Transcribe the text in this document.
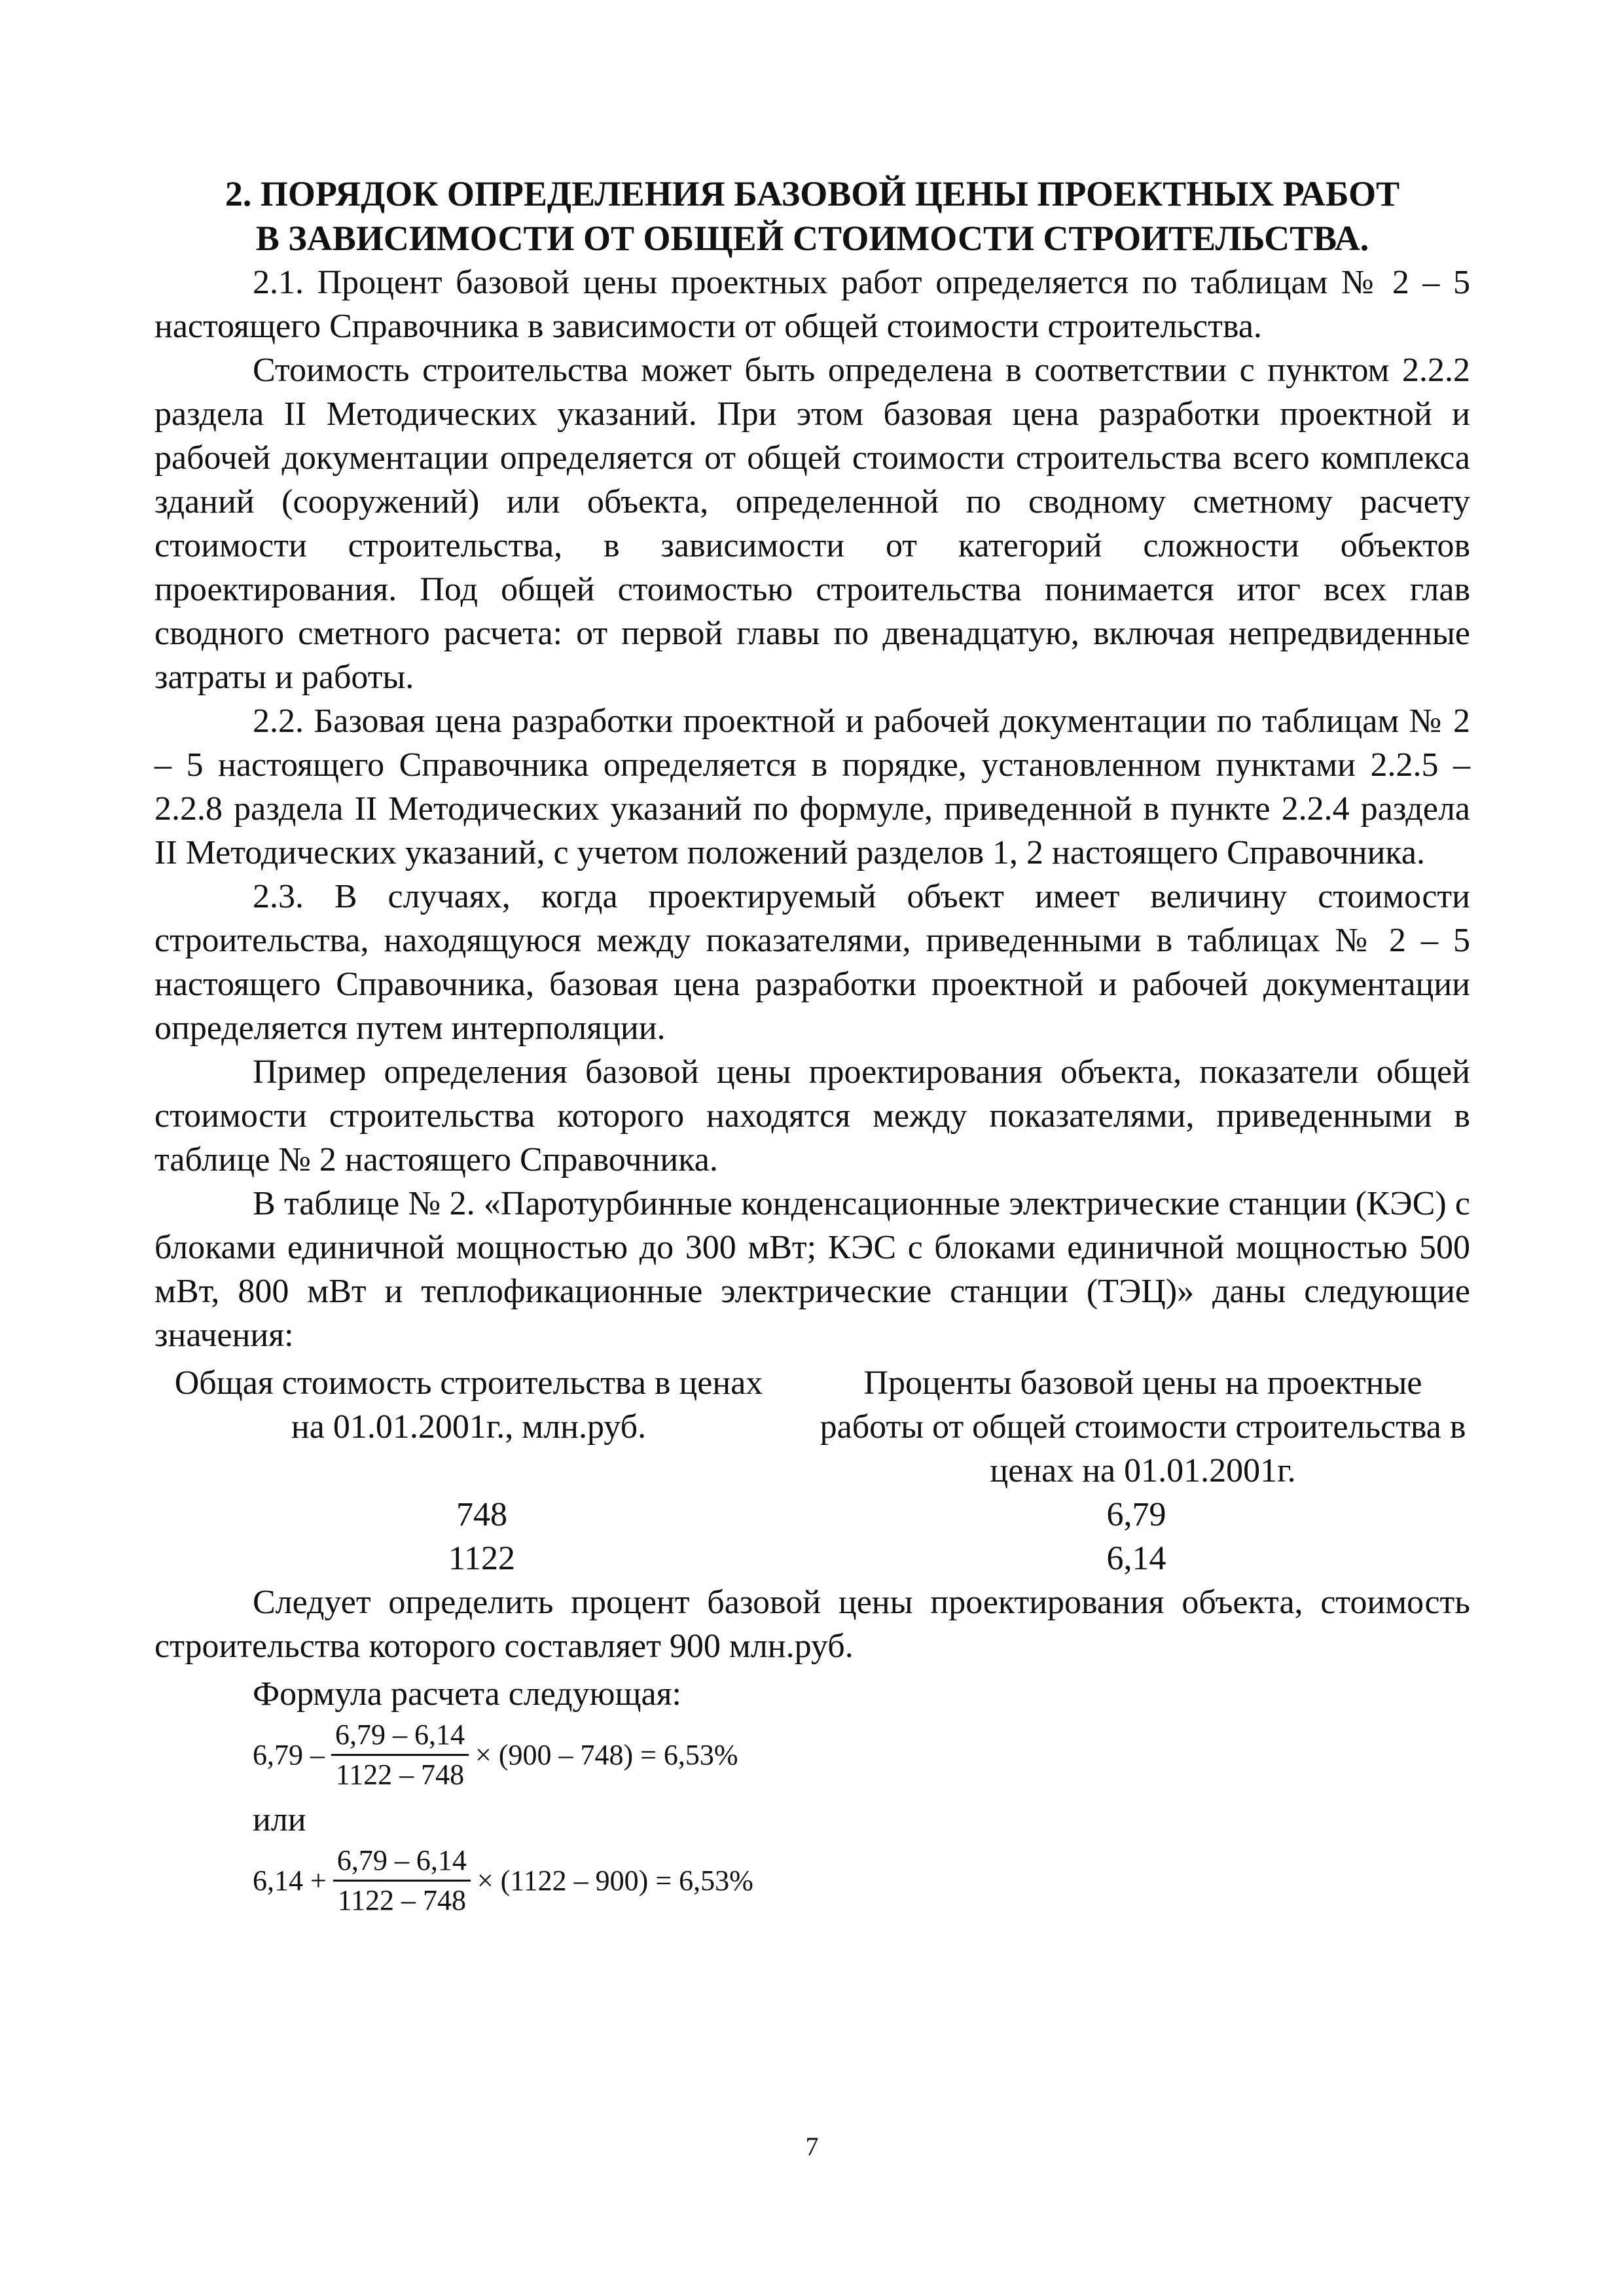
2. ПОРЯДОК ОПРЕДЕЛЕНИЯ БАЗОВОЙ ЦЕНЫ ПРОЕКТНЫХ РАБОТ
В ЗАВИСИМОСТИ ОТ ОБЩЕЙ СТОИМОСТИ СТРОИТЕЛЬСТВА.

2.1. Процент базовой цены проектных работ определяется по таблицам № 2 – 5 настоящего Справочника в зависимости от общей стоимости строительства.

Стоимость строительства может быть определена в соответствии с пунктом 2.2.2 раздела II Методических указаний. При этом базовая цена разработки проектной и рабочей документации определяется от общей стоимости строительства всего комплекса зданий (сооружений) или объекта, определенной по сводному сметному расчету стоимости строительства, в зависимости от категорий сложности объектов проектирования. Под общей стоимостью строительства понимается итог всех глав сводного сметного расчета: от первой главы по двенадцатую, включая непредвиденные затраты и работы.

2.2. Базовая цена разработки проектной и рабочей документации по таблицам № 2 – 5 настоящего Справочника определяется в порядке, установленном пунктами 2.2.5 – 2.2.8 раздела II Методических указаний по формуле, приведенной в пункте 2.2.4 раздела II Методических указаний, с учетом положений разделов 1, 2 настоящего Справочника.

2.3. В случаях, когда проектируемый объект имеет величину стоимости строительства, находящуюся между показателями, приведенными в таблицах № 2 – 5 настоящего Справочника, базовая цена разработки проектной и рабочей документации определяется путем интерполяции.

Пример определения базовой цены проектирования объекта, показатели общей стоимости строительства которого находятся между показателями, приведенными в таблице № 2 настоящего Справочника.

В таблице № 2. «Паротурбинные конденсационные электрические станции (КЭС) с блоками единичной мощностью до 300 мВт; КЭС с блоками единичной мощностью 500 мВт, 800 мВт и теплофикационные электрические станции (ТЭЦ)» даны следующие значения:

Общая стоимость строительства в ценах на 01.01.2001г., млн.руб.
Проценты базовой цены на проектные работы от общей стоимости строительства в ценах на 01.01.2001г.
748	6,79
1122	6,14

Следует определить процент базовой цены проектирования объекта, стоимость строительства которого составляет 900 млн.руб.

Формула расчета следующая:

$6,79 - \frac{6,79 - 6,14}{1122 - 748} \times (900 - 748) = 6,53\%$
или
$6,14 + \frac{6,79 - 6,14}{1122 - 748} \times (1122 - 900) = 6,53\%$
7
